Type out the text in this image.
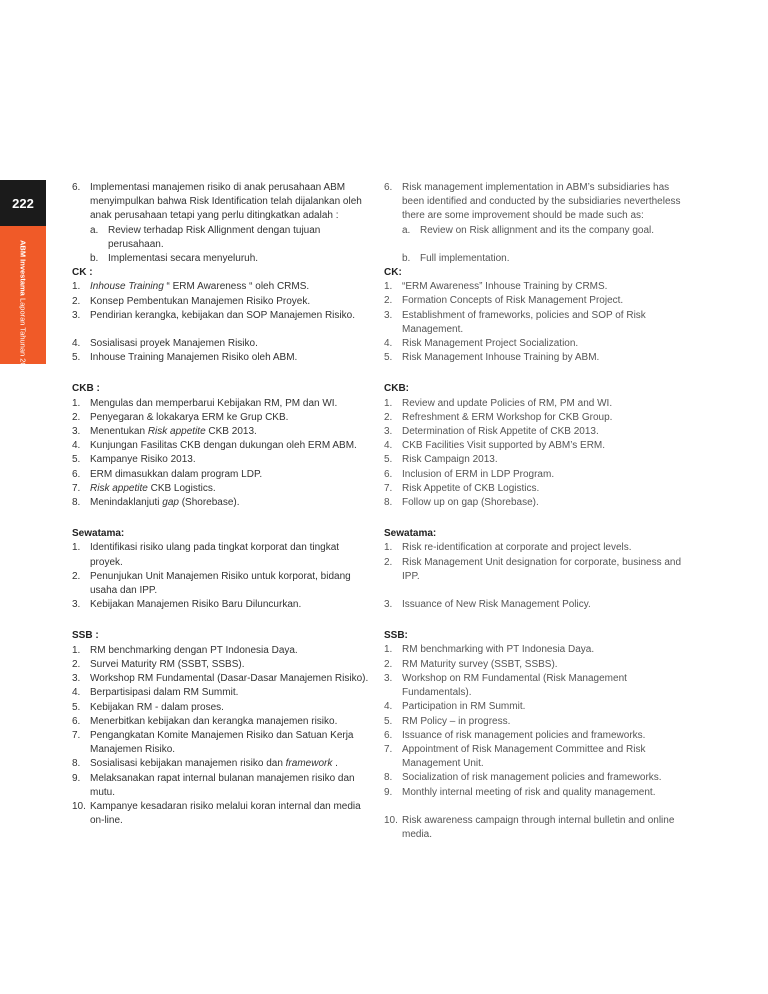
222
ABM Investama Laporan Tahunan 2013
6. Implementasi manajemen risiko di anak perusahaan ABM menyimpulkan bahwa Risk Identification telah dijalankan oleh anak perusahaan tetapi yang perlu ditingkatkan adalah :
a. Review terhadap Risk Allignment dengan tujuan perusahaan.
b. Implementasi secara menyeluruh.
CK :
1. Inhouse Training “ ERM Awareness “ oleh CRMS.
2. Konsep Pembentukan Manajemen Risiko Proyek.
3. Pendirian kerangka, kebijakan dan SOP Manajemen Risiko.
4. Sosialisasi proyek Manajemen Risiko.
5. Inhouse Training Manajemen Risiko oleh ABM.
CKB :
1. Mengulas dan memperbarui Kebijakan RM, PM dan WI.
2. Penyegaran & lokakarya ERM ke Grup CKB.
3. Menentukan Risk appetite CKB 2013.
4. Kunjungan Fasilitas CKB dengan dukungan oleh ERM ABM.
5. Kampanye Risiko 2013.
6. ERM dimasukkan dalam program LDP.
7. Risk appetite CKB Logistics.
8. Menindaklanjuti gap (Shorebase).
Sewatama:
1. Identifikasi risiko ulang pada tingkat korporat dan tingkat proyek.
2. Penunjukan Unit Manajemen Risiko untuk korporat, bidang usaha dan IPP.
3. Kebijakan Manajemen Risiko Baru Diluncurkan.
SSB :
1. RM benchmarking dengan PT Indonesia Daya.
2. Survei Maturity RM (SSBT, SSBS).
3. Workshop RM Fundamental (Dasar-Dasar Manajemen Risiko).
4. Berpartisipasi dalam RM Summit.
5. Kebijakan RM - dalam proses.
6. Menerbitkan kebijakan dan kerangka manajemen risiko.
7. Pengangkatan Komite Manajemen Risiko dan Satuan Kerja Manajemen Risiko.
8. Sosialisasi kebijakan manajemen risiko dan framework .
9. Melaksanakan rapat internal bulanan manajemen risiko dan mutu.
10. Kampanye kesadaran risiko melalui koran internal dan media on-line.
6. Risk management implementation in ABM’s subsidiaries has been identified and conducted by the subsidiaries nevertheless there are some improvement should be made such as:
a. Review on Risk allignment and its the company goal.
b. Full implementation.
CK:
1. “ERM Awareness” Inhouse Training by CRMS.
2. Formation Concepts of Risk Management Project.
3. Establishment of frameworks, policies and SOP of Risk Management.
4. Risk Management Project Socialization.
5. Risk Management Inhouse Training by ABM.
CKB:
1. Review and update Policies of RM, PM and WI.
2. Refreshment & ERM Workshop for CKB Group.
3. Determination of Risk Appetite of CKB 2013.
4. CKB Facilities Visit supported by ABM’s ERM.
5. Risk Campaign 2013.
6. Inclusion of ERM in LDP Program.
7. Risk Appetite of CKB Logistics.
8. Follow up on gap (Shorebase).
Sewatama:
1. Risk re-identification at corporate and project levels.
2. Risk Management Unit designation for corporate, business and IPP.
3. Issuance of New Risk Management Policy.
SSB:
1. RM benchmarking with PT Indonesia Daya.
2. RM Maturity survey (SSBT, SSBS).
3. Workshop on RM Fundamental (Risk Management Fundamentals).
4. Participation in RM Summit.
5. RM Policy – in progress.
6. Issuance of risk management policies and frameworks.
7. Appointment of Risk Management Committee and Risk Management Unit.
8. Socialization of risk management policies and frameworks.
9. Monthly internal meeting of risk and quality management.
10. Risk awareness campaign through internal bulletin and online media.
